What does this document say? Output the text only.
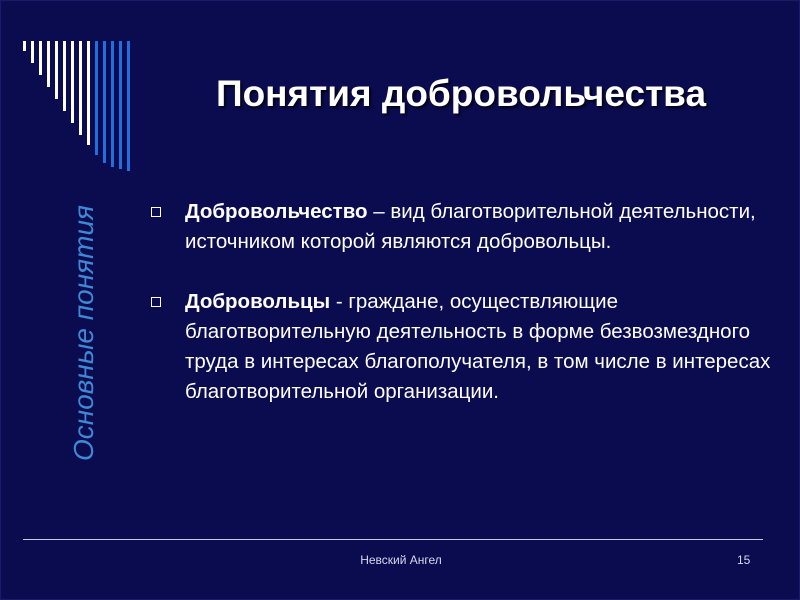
Понятия добровольчества
Основные понятия	Добровольчество – вид благотворительной деятельности, источником которой являются добровольцы.
Добровольцы - граждане, осуществляющие благотворительную деятельность в форме безвозмездного труда в интересах благополучателя, в том числе в интересах благотворительной организации.
Невский Ангел	15
